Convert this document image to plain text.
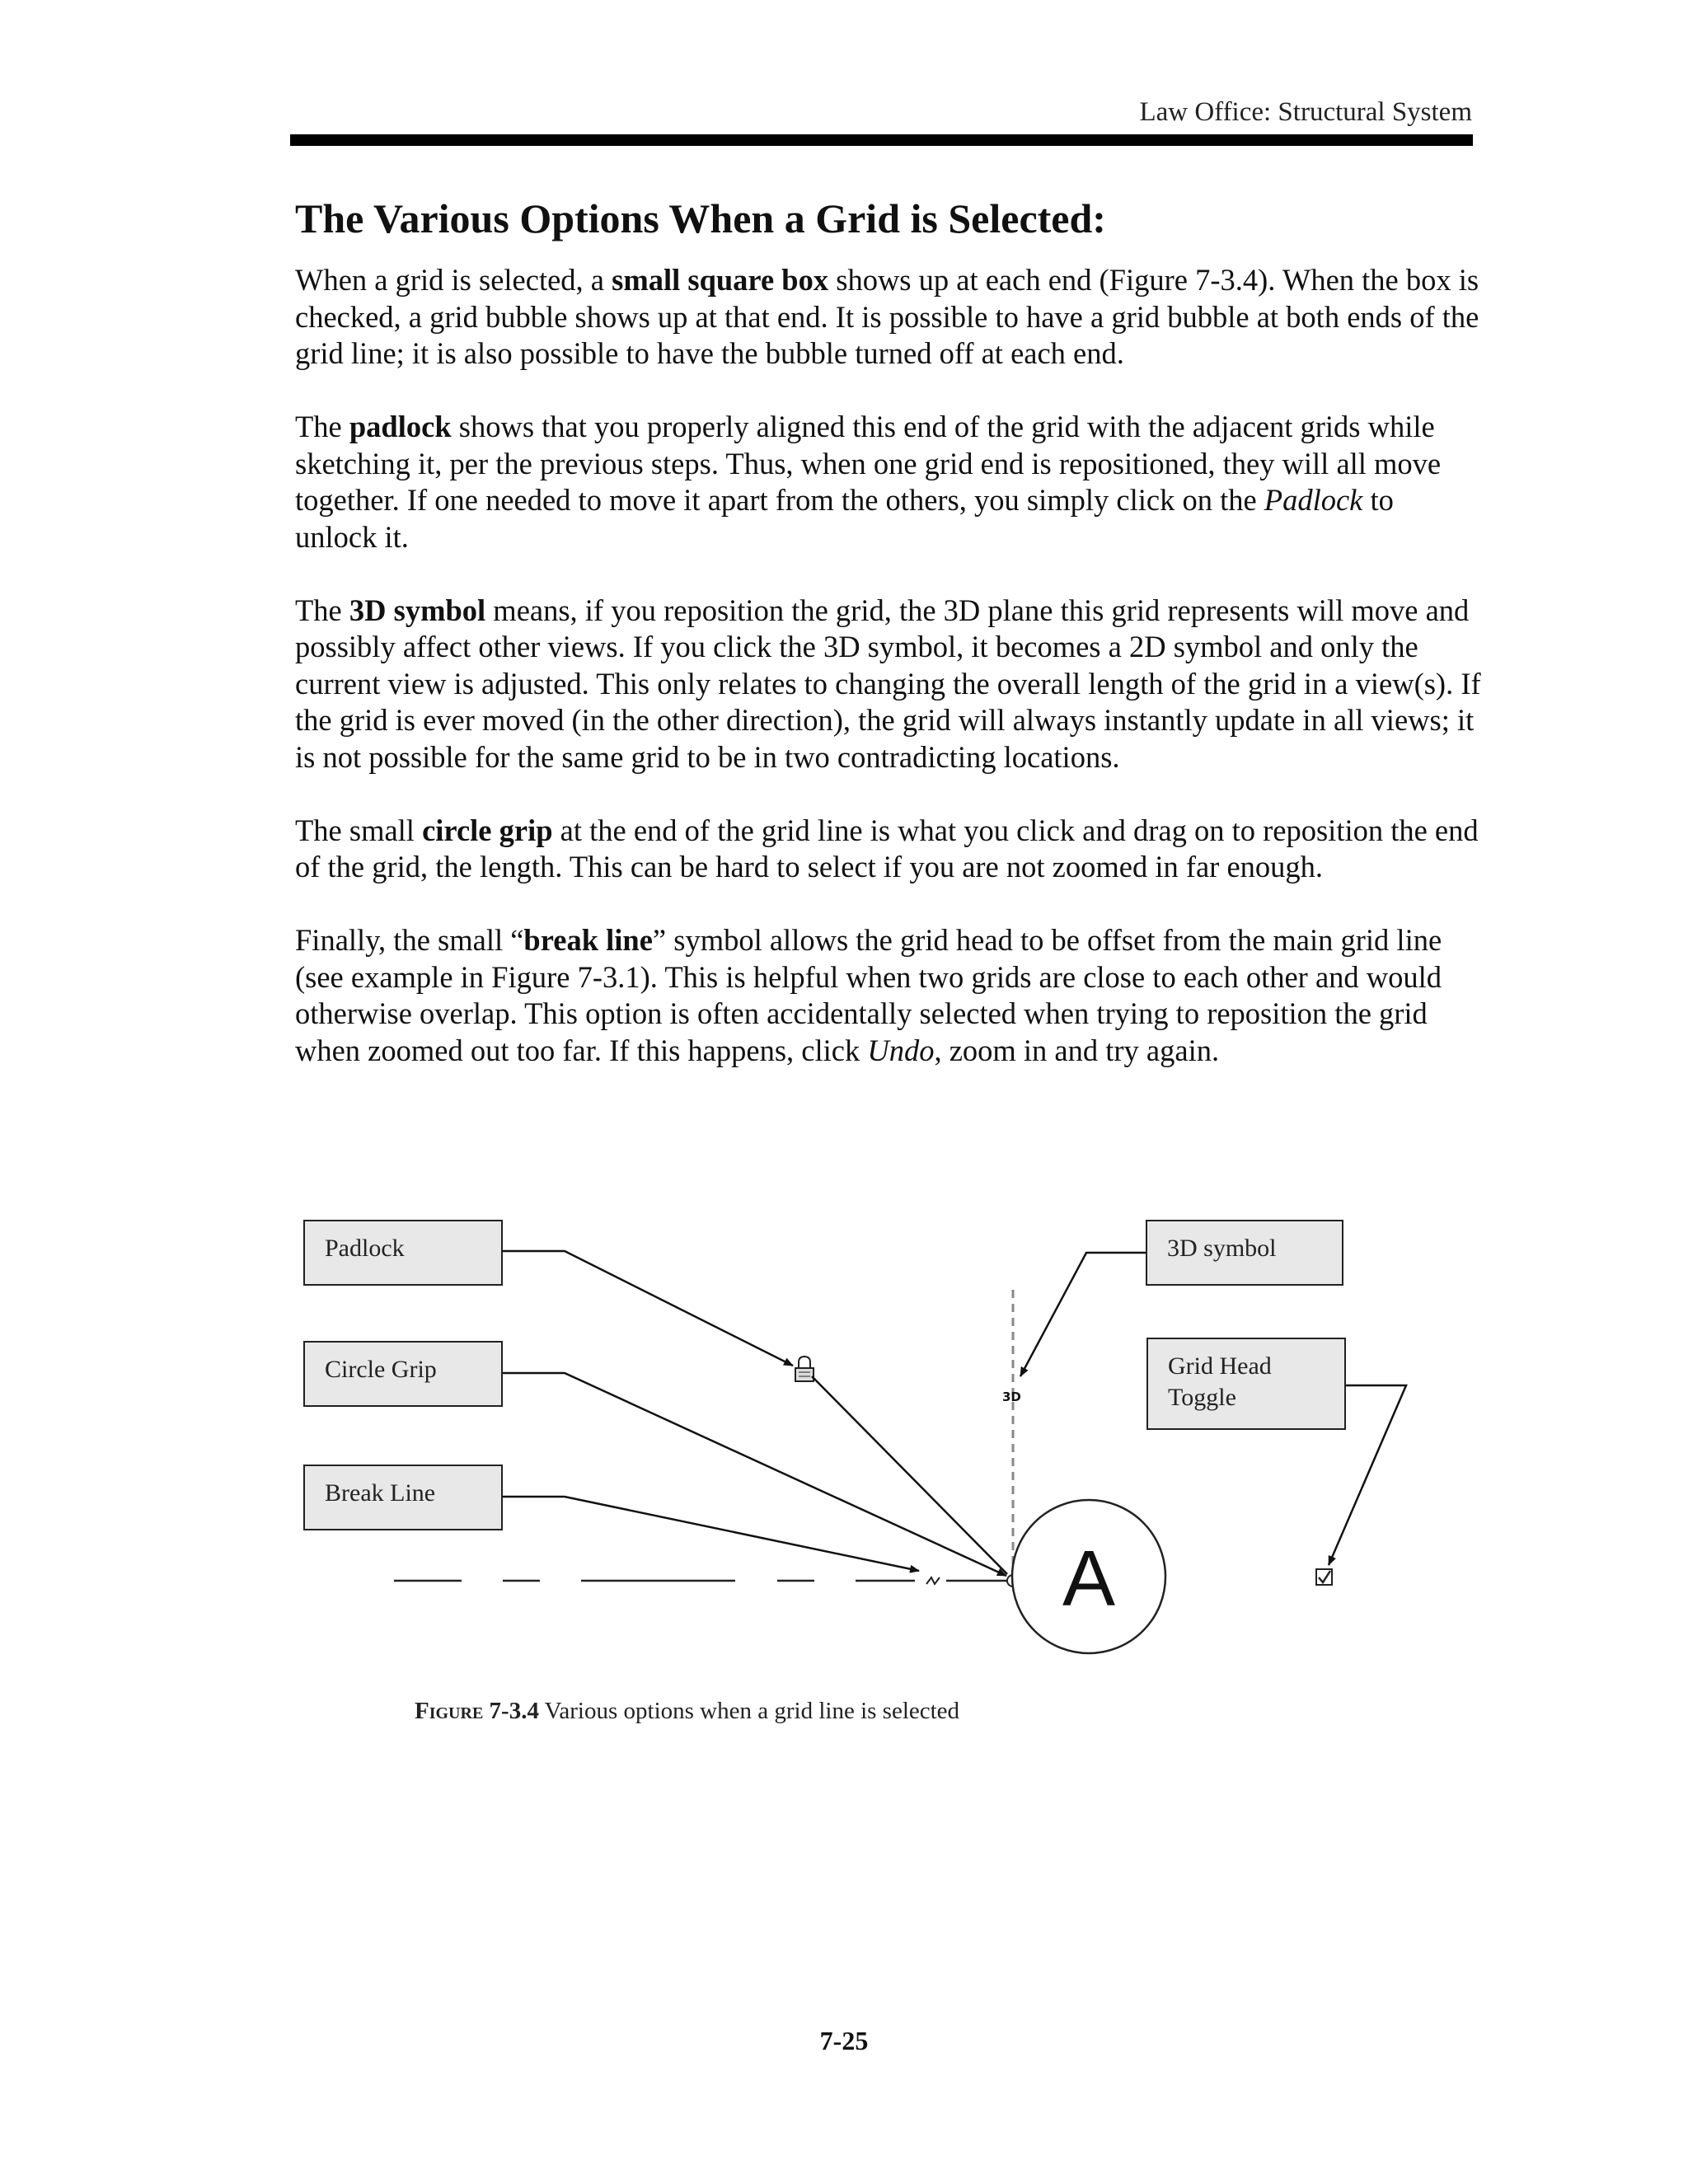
Law Office: Structural System
The Various Options When a Grid is Selected:

When a grid is selected, a small square box shows up at each end (Figure 7-3.4). When the box is checked, a grid bubble shows up at that end. It is possible to have a grid bubble at both ends of the grid line; it is also possible to have the bubble turned off at each end.

The padlock shows that you properly aligned this end of the grid with the adjacent grids while sketching it, per the previous steps. Thus, when one grid end is repositioned, they will all move together. If one needed to move it apart from the others, you simply click on the Padlock to unlock it.

The 3D symbol means, if you reposition the grid, the 3D plane this grid represents will move and possibly affect other views. If you click the 3D symbol, it becomes a 2D symbol and only the current view is adjusted. This only relates to changing the overall length of the grid in a view(s). If the grid is ever moved (in the other direction), the grid will always instantly update in all views; it is not possible for the same grid to be in two contradicting locations.

The small circle grip at the end of the grid line is what you click and drag on to reposition the end of the grid, the length. This can be hard to select if you are not zoomed in far enough.

Finally, the small “break line” symbol allows the grid head to be offset from the main grid line (see example in Figure 7-3.1). This is helpful when two grids are close to each other and would otherwise overlap. This option is often accidentally selected when trying to reposition the grid when zoomed out too far. If this happens, click Undo, zoom in and try again.

A
3D
Padlock
Circle Grip
Break Line
3D symbol
Grid Head Toggle
Figure 7-3.4 Various options when a grid line is selected
7-25
